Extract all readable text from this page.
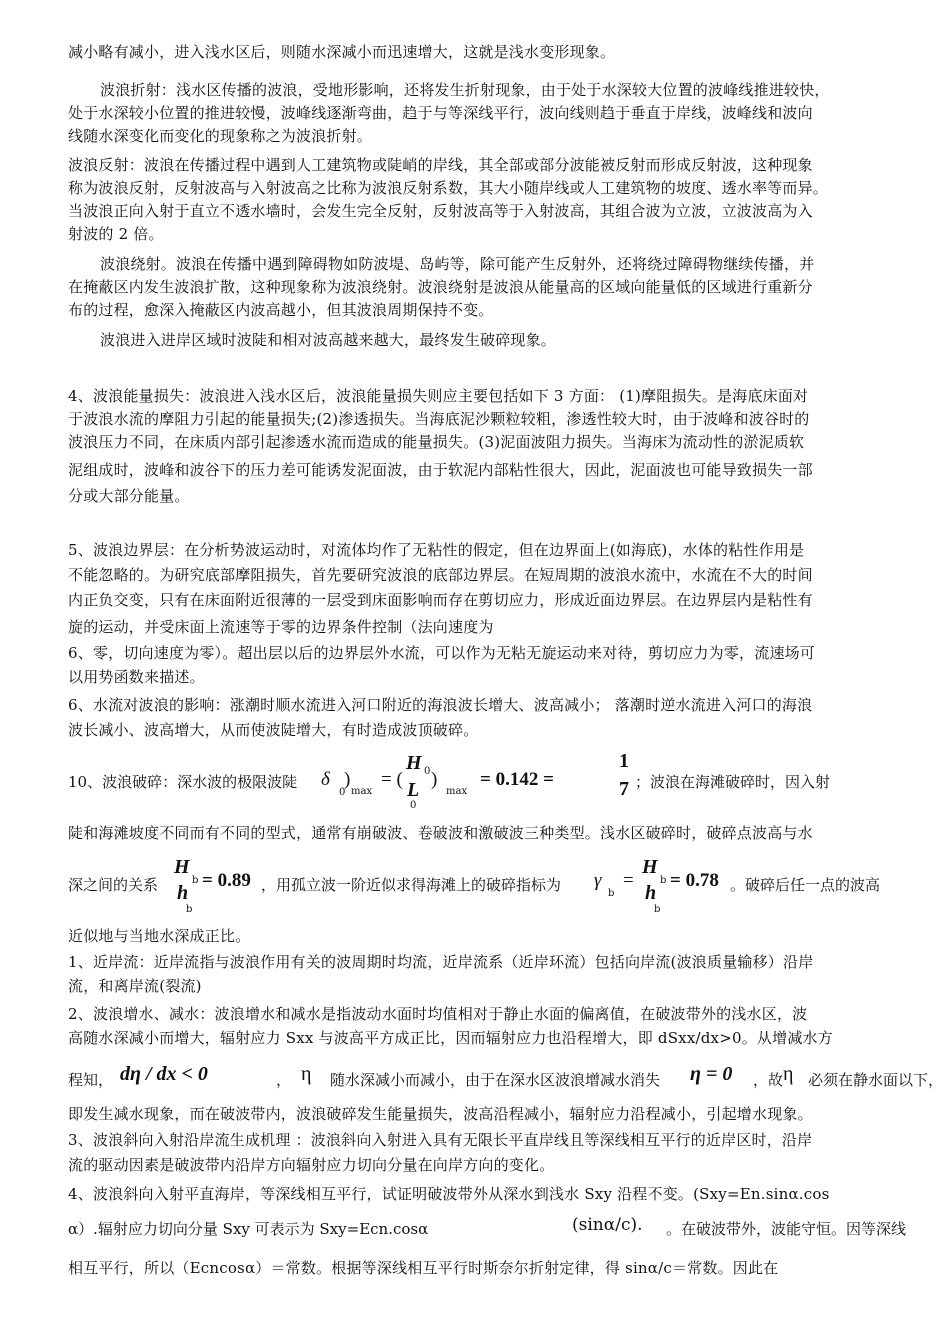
减小略有减小，进入浅水区后，则随水深减小而迅速增大，这就是浅水变形现象。
波浪折射：浅水区传播的波浪，受地形影响，还将发生折射现象，由于处于水深较大位置的波峰线推进较快，
处于水深较小位置的推进较慢，波峰线逐渐弯曲，趋于与等深线平行，波向线则趋于垂直于岸线，波峰线和波向
线随水深变化而变化的现象称之为波浪折射。
波浪反射：波浪在传播过程中遇到人工建筑物或陡峭的岸线，其全部或部分波能被反射而形成反射波，这种现象
称为波浪反射，反射波高与入射波高之比称为波浪反射系数，其大小随岸线或人工建筑物的坡度、透水率等而异。
当波浪正向入射于直立不透水墙时，会发生完全反射，反射波高等于入射波高，其组合波为立波，立波波高为入
射波的 2 倍。
波浪绕射。波浪在传播中遇到障碍物如防波堤、岛屿等，除可能产生反射外，还将绕过障碍物继续传播，并
在掩蔽区内发生波浪扩散，这种现象称为波浪绕射。波浪绕射是波浪从能量高的区域向能量低的区域进行重新分
布的过程，愈深入掩蔽区内波高越小，但其波浪周期保持不变。
波浪进入进岸区域时波陡和相对波高越来越大，最终发生破碎现象。
4、波浪能量损失：波浪进入浅水区后，波浪能量损失则应主要包括如下 3 方面： (1)摩阻损失。是海底床面对
于波浪水流的摩阻力引起的能量损失;(2)渗透损失。当海底泥沙颗粒较粗，渗透性较大时，由于波峰和波谷时的
波浪压力不同，在床质内部引起渗透水流而造成的能量损失。(3)泥面波阻力损失。当海床为流动性的淤泥质软
泥组成时，波峰和波谷下的压力差可能诱发泥面波，由于软泥内部粘性很大，因此，泥面波也可能导致损失一部
分或大部分能量。
5、波浪边界层：在分析势波运动时，对流体均作了无粘性的假定，但在边界面上(如海底)，水体的粘性作用是
不能忽略的。为研究底部摩阻损失，首先要研究波浪的底部边界层。在短周期的波浪水流中，水流在不大的时间
内正负交变，只有在床面附近很薄的一层受到床面影响而存在剪切应力，形成近面边界层。在边界层内是粘性有
旋的运动，并受床面上流速等于零的边界条件控制（法向速度为
6、零，切向速度为零）。超出层以后的边界层外水流，可以作为无粘无旋运动来对待，剪切应力为零，流速场可
以用势函数来描述。
6、水流对波浪的影响：涨潮时顺水流进入河口附近的海浪波长增大、波高减小； 落潮时逆水流进入河口的海浪
波长减小、波高增大，从而使波陡增大，有时造成波顶破碎。
10、波浪破碎：深水波的极限波陡 δ
0
)
max
= (
H 0
L
0
)
max
= 0.142 =
1
7 ；波浪在海滩破碎时，因入射
陡和海滩坡度不同而有不同的型式，通常有崩破波、卷破波和激破波三种类型。浅水区破碎时，破碎点波高与水
深之间的关系
H
b
h
b
= 0.89 ，用孤立波一阶近似求得海滩上的破碎指标为 γ
b
=
H
b
h
b
= 0.78 。破碎后任一点的波高
近似地与当地水深成正比。
1、近岸流：近岸流指与波浪作用有关的波周期时均流，近岸流系（近岸环流）包括向岸流(波浪质量输移）沿岸
流，和离岸流(裂流)
2、波浪增水、减水：波浪增水和减水是指波动水面时均值相对于静止水面的偏离值，在破波带外的浅水区，波
高随水深减小而增大，辐射应力 Sxx 与波高平方成正比，因而辐射应力也沿程增大，即 dSxx/dx>0。从增减水方
程知， dη / dx < 0	， η 随水深减小而减小，由于在深水区波浪增减水消失 η = 0 ，故 η 必须在静水面以下，
即发生减水现象，而在破波带内，波浪破碎发生能量损失，波高沿程减小，辐射应力沿程减小，引起增水现象。
3、波浪斜向入射沿岸流生成机理 ：波浪斜向入射进入具有无限长平直岸线且等深线相互平行的近岸区时，沿岸
流的驱动因素是破波带内沿岸方向辐射应力切向分量在向岸方向的变化。
4、波浪斜向入射平直海岸，等深线相互平行，试证明破波带外从深水到浅水 Sxy 沿程不变。(Sxy=En.sinα.cos
α）.辐射应力切向分量 Sxy 可表示为 Sxy=Ecn.cosα	(sinα/c). 。在破波带外，波能守恒。因等深线
相互平行，所以（Ecncosα）＝常数。根据等深线相互平行时斯奈尔折射定律，得 sinα/c＝常数。因此在
